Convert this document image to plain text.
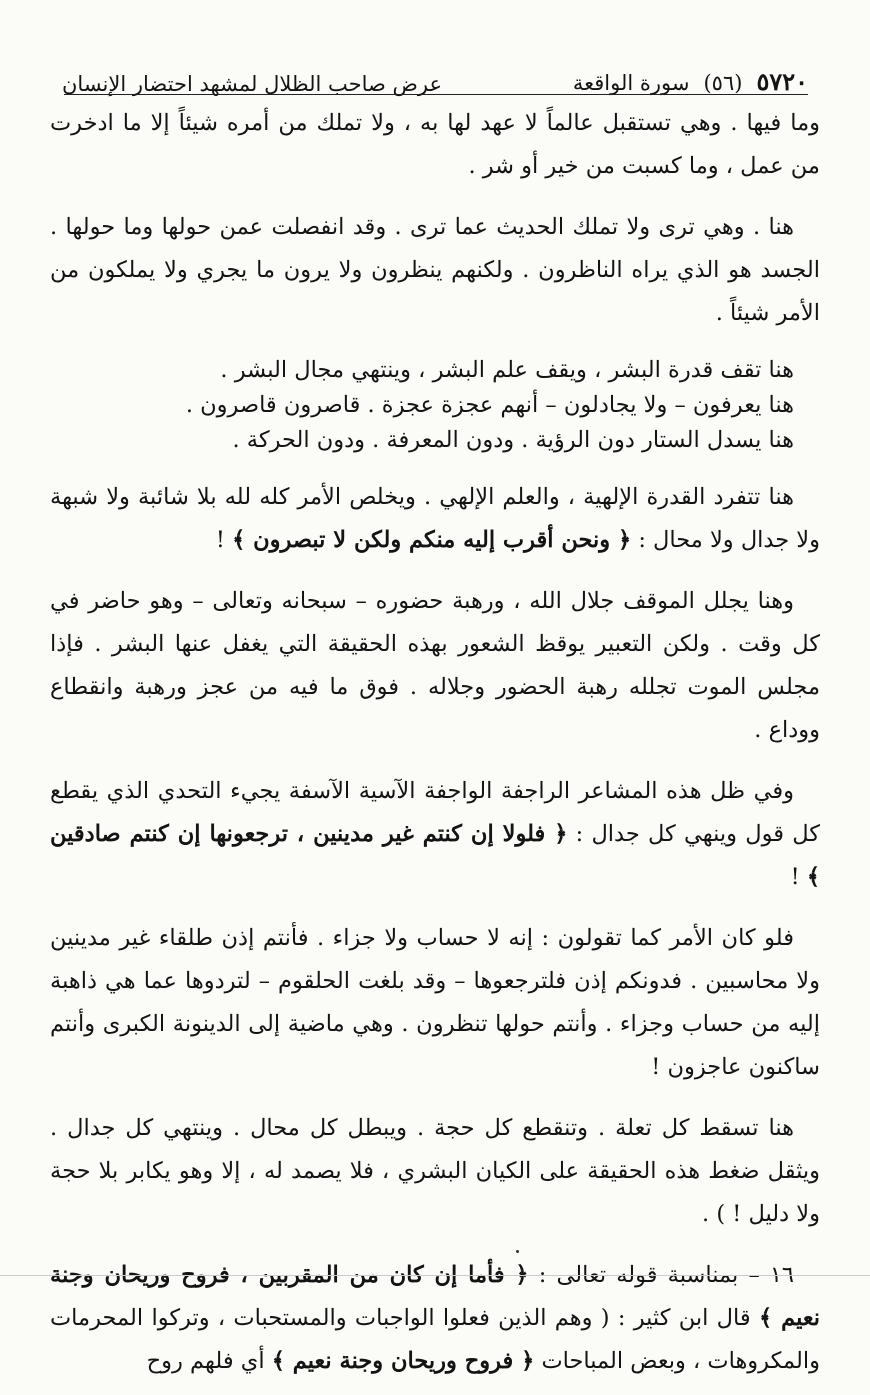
٥٧٢٠
(٥٦)
سورة الواقعة
عرض صاحب الظلال لمشهد احتضار الإنسان

وما فيها . وهي تستقبل عالماً لا عهد لها به ، ولا تملك من أمره شيئاً إلا ما ادخرت من عمل ، وما كسبت من خير أو شر .

هنا . وهي ترى ولا تملك الحديث عما ترى . وقد انفصلت عمن حولها وما حولها . الجسد هو الذي يراه الناظرون . ولكنهم ينظرون ولا يرون ما يجري ولا يملكون من الأمر شيئاً .

هنا تقف قدرة البشر ، ويقف علم البشر ، وينتهي مجال البشر .
هنا يعرفون – ولا يجادلون – أنهم عجزة عجزة . قاصرون قاصرون .
هنا يسدل الستار دون الرؤية . ودون المعرفة . ودون الحركة .

هنا تتفرد القدرة الإلهية ، والعلم الإلهي . ويخلص الأمر كله لله بلا شائبة ولا شبهة ولا جدال ولا محال : ﴿ ونحن أقرب إليه منكم ولكن لا تبصرون ﴾ !

وهنا يجلل الموقف جلال الله ، ورهبة حضوره – سبحانه وتعالى – وهو حاضر في كل وقت . ولكن التعبير يوقظ الشعور بهذه الحقيقة التي يغفل عنها البشر . فإذا مجلس الموت تجلله رهبة الحضور وجلاله . فوق ما فيه من عجز ورهبة وانقطاع ووداع .

وفي ظل هذه المشاعر الراجفة الواجفة الآسية الآسفة يجيء التحدي الذي يقطع كل قول وينهي كل جدال : ﴿ فلولا إن كنتم غير مدينين ، ترجعونها إن كنتم صادقين ﴾ !

فلو كان الأمر كما تقولون : إنه لا حساب ولا جزاء . فأنتم إذن طلقاء غير مدينين ولا محاسبين . فدونكم إذن فلترجعوها – وقد بلغت الحلقوم – لتردوها عما هي ذاهبة إليه من حساب وجزاء . وأنتم حولها تنظرون . وهي ماضية إلى الدينونة الكبرى وأنتم ساكنون عاجزون !

هنا تسقط كل تعلة . وتنقطع كل حجة . ويبطل كل محال . وينتهي كل جدال . ويثقل ضغط هذه الحقيقة على الكيان البشري ، فلا يصمد له ، إلا وهو يكابر بلا حجة ولا دليل ! ) .

١٦ – بمناسبة قوله تعالى : ﴿ فأما إن كان من المقربين ، فروح وريحان وجنة نعيم ﴾ قال ابن كثير : ( وهم الذين فعلوا الواجبات والمستحبات ، وتركوا المحرمات والمكروهات ، وبعض المباحات ﴿ فروح وريحان وجنة نعيم ﴾ أي فلهم روح
